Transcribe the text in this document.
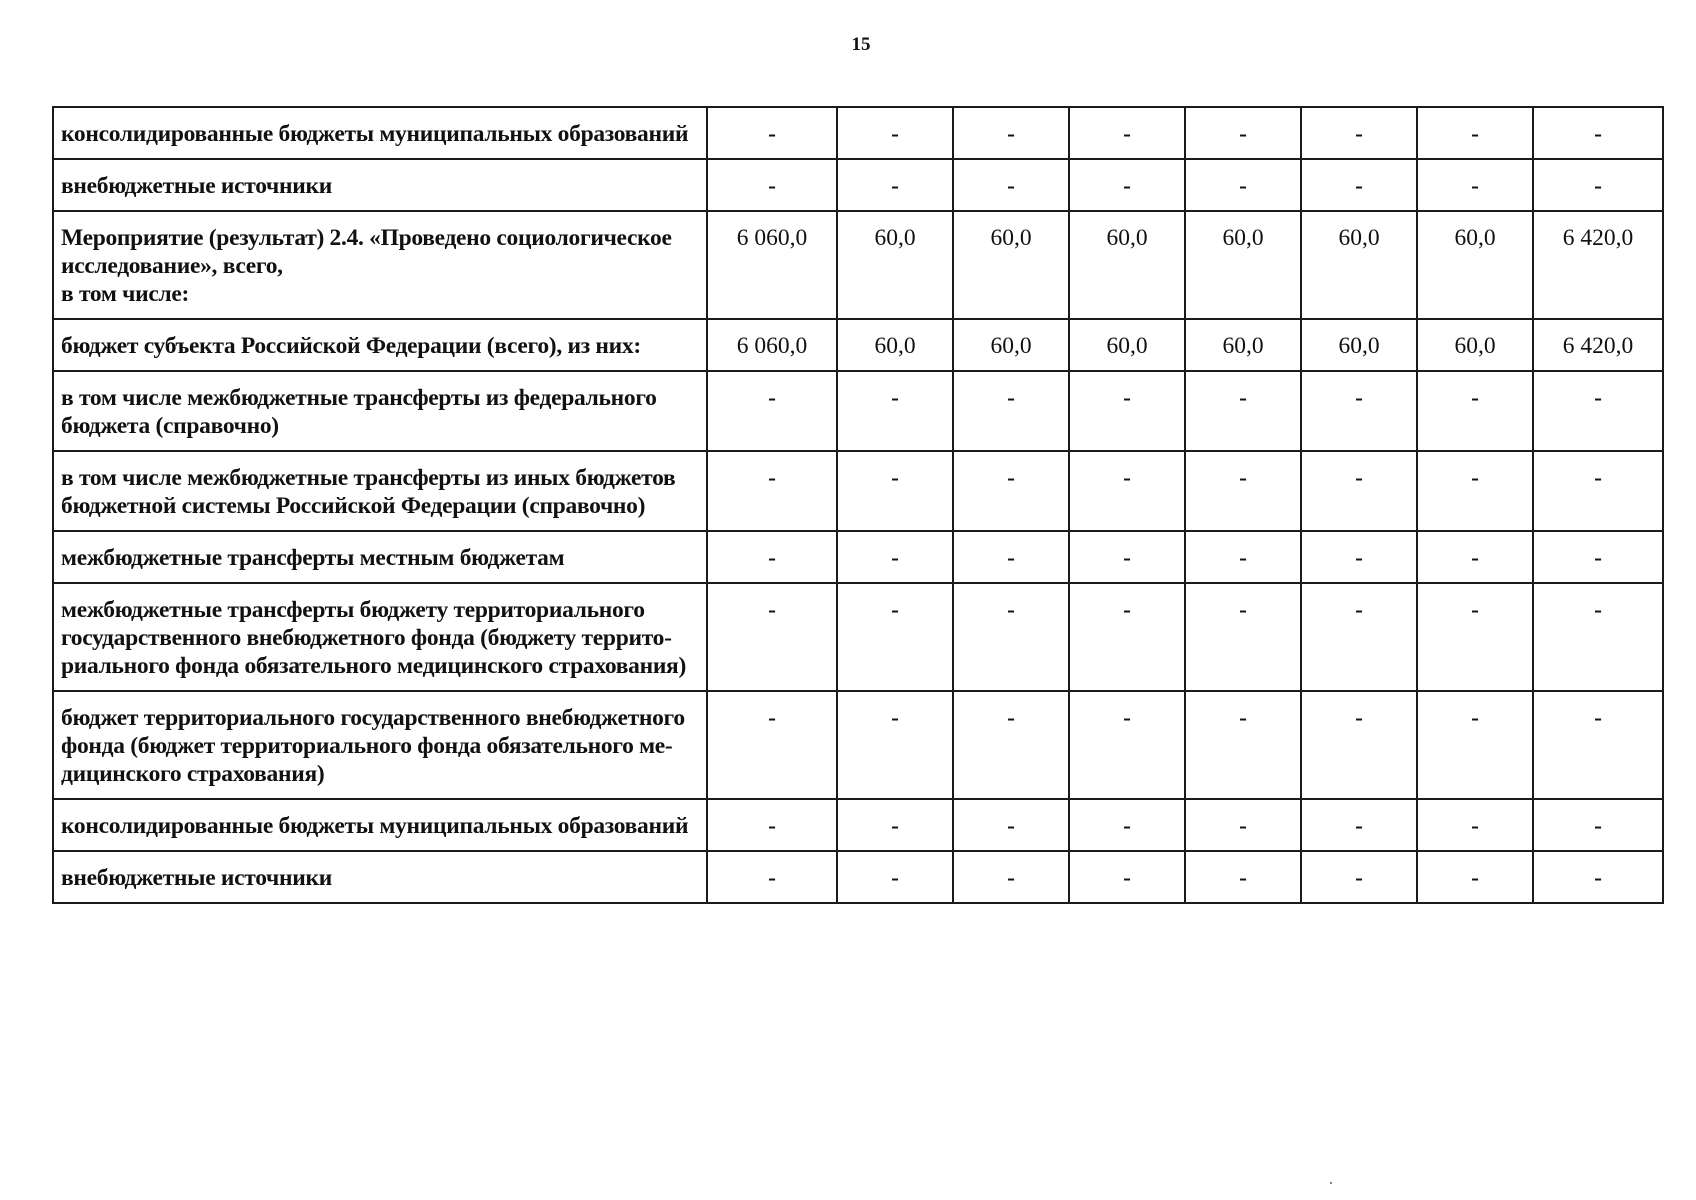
15
консолидированные бюджеты муниципальных образований	-	-	-	-	-	-	-	-

внебюджетные источники	-	-	-	-	-	-	-	-

Мероприятие (результат) 2.4. «Проведено социологическое
исследование», всего,
в том числе:	6 060,0	60,0	60,0	60,0	60,0	60,0	60,0	6 420,0

бюджет субъекта Российской Федерации (всего), из них:	6 060,0	60,0	60,0	60,0	60,0	60,0	60,0	6 420,0

в том числе межбюджетные трансферты из федерального
бюджета (справочно)	-	-	-	-	-	-	-	-

в том числе межбюджетные трансферты из иных бюджетов
бюджетной системы Российской Федерации (справочно)	-	-	-	-	-	-	-	-

межбюджетные трансферты местным бюджетам	-	-	-	-	-	-	-	-

межбюджетные трансферты бюджету территориального
государственного внебюджетного фонда (бюджету террито-
риального фонда обязательного медицинского страхования)	-	-	-	-	-	-	-	-

бюджет территориального государственного внебюджетного
фонда (бюджет территориального фонда обязательного ме-
дицинского страхования)	-	-	-	-	-	-	-	-

консолидированные бюджеты муниципальных образований	-	-	-	-	-	-	-	-

внебюджетные источники	-	-	-	-	-	-	-	-
